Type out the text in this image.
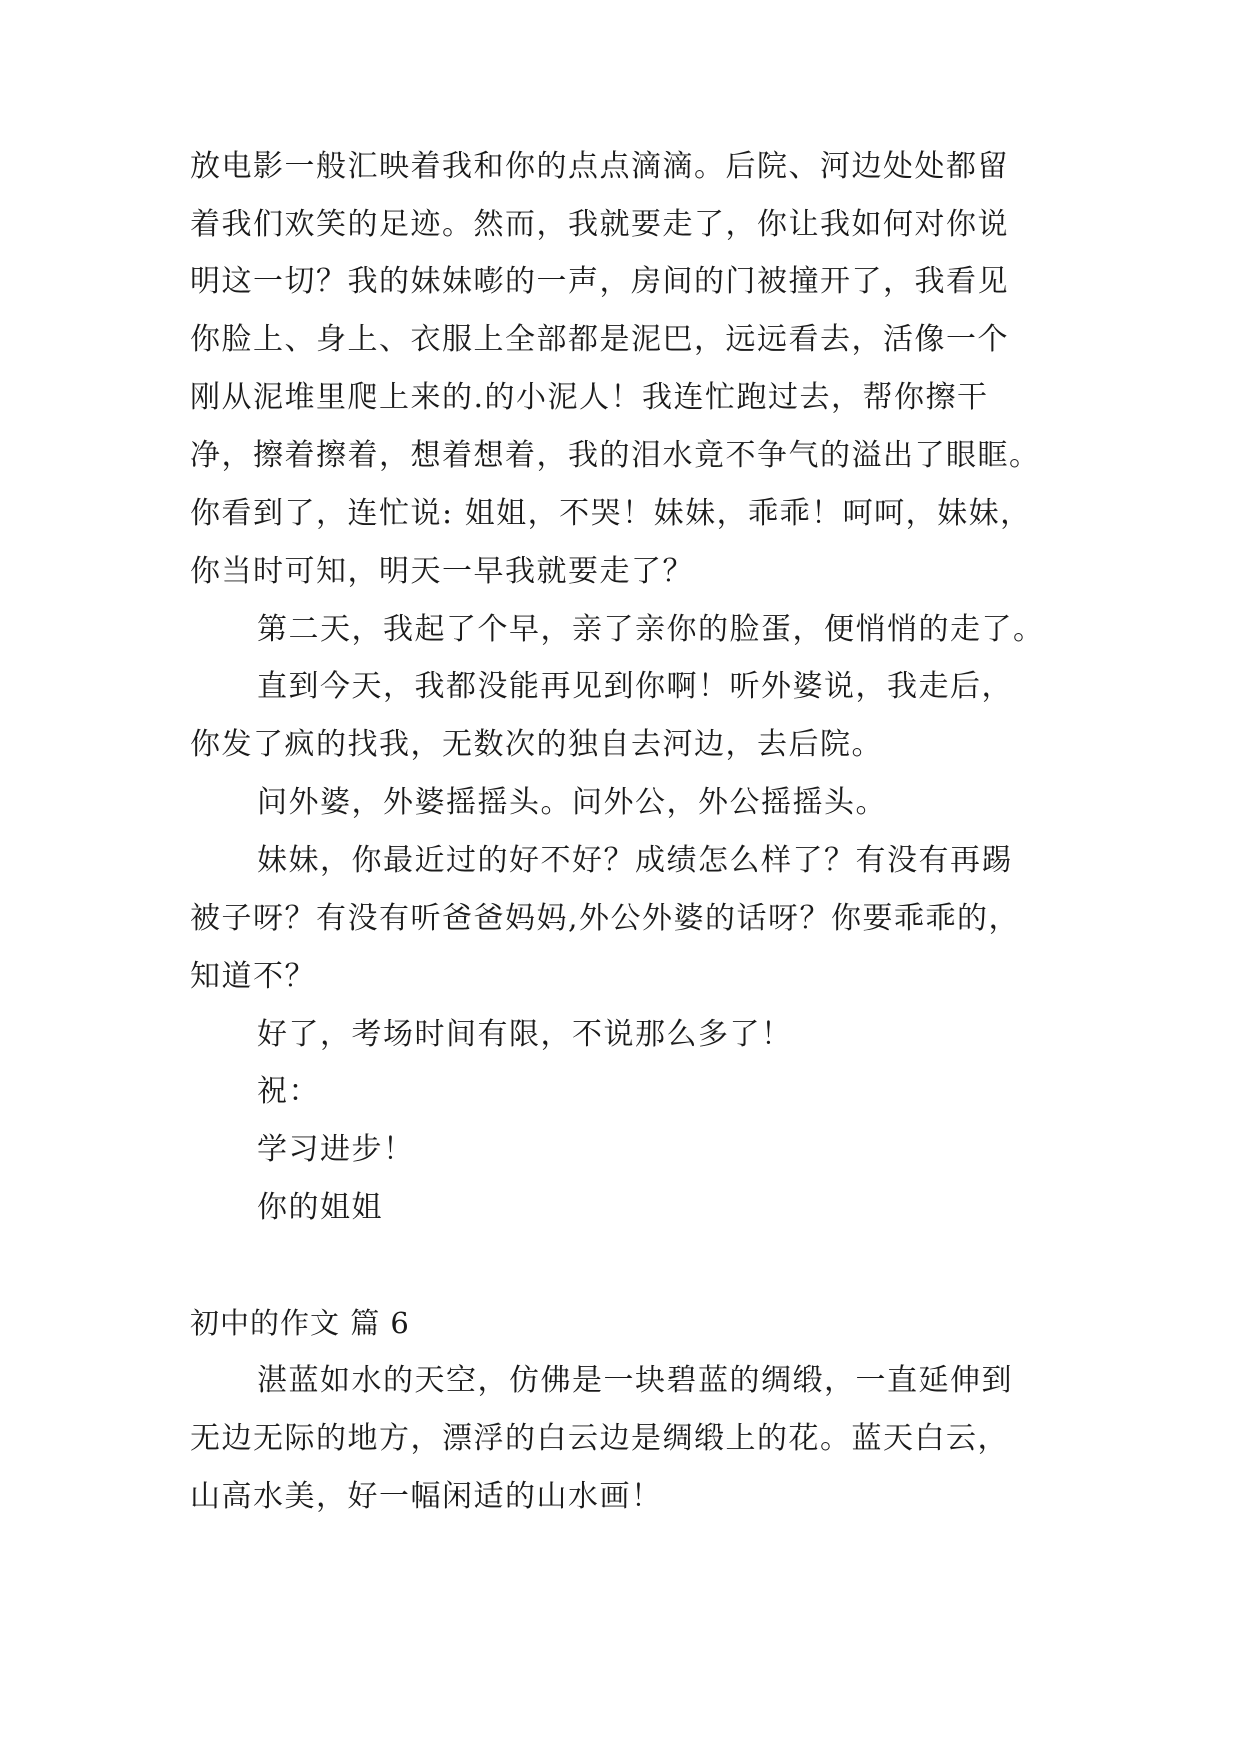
放电影一般汇映着我和你的点点滴滴。后院、河边处处都留
着我们欢笑的足迹。然而，我就要走了，你让我如何对你说
明这一切？我的妹妹嘭的一声，房间的门被撞开了，我看见
你脸上、身上、衣服上全部都是泥巴，远远看去，活像一个
刚从泥堆里爬上来的.的小泥人！我连忙跑过去，帮你擦干
净，擦着擦着，想着想着，我的泪水竟不争气的溢出了眼眶。
你看到了，连忙说: 姐姐，不哭！妹妹，乖乖！呵呵，妹妹，
你当时可知，明天一早我就要走了？
第二天，我起了个早，亲了亲你的脸蛋，便悄悄的走了。
直到今天，我都没能再见到你啊！听外婆说，我走后，
你发了疯的找我，无数次的独自去河边，去后院。
问外婆，外婆摇摇头。问外公，外公摇摇头。
妹妹，你最近过的好不好？成绩怎么样了？有没有再踢
被子呀？有没有听爸爸妈妈,外公外婆的话呀？你要乖乖的，
知道不？
好了，考场时间有限，不说那么多了！
祝：
学习进步！
你的姐姐
初中的作文 篇 6
湛蓝如水的天空，仿佛是一块碧蓝的绸缎，一直延伸到
无边无际的地方，漂浮的白云边是绸缎上的花。蓝天白云，
山高水美，好一幅闲适的山水画！
